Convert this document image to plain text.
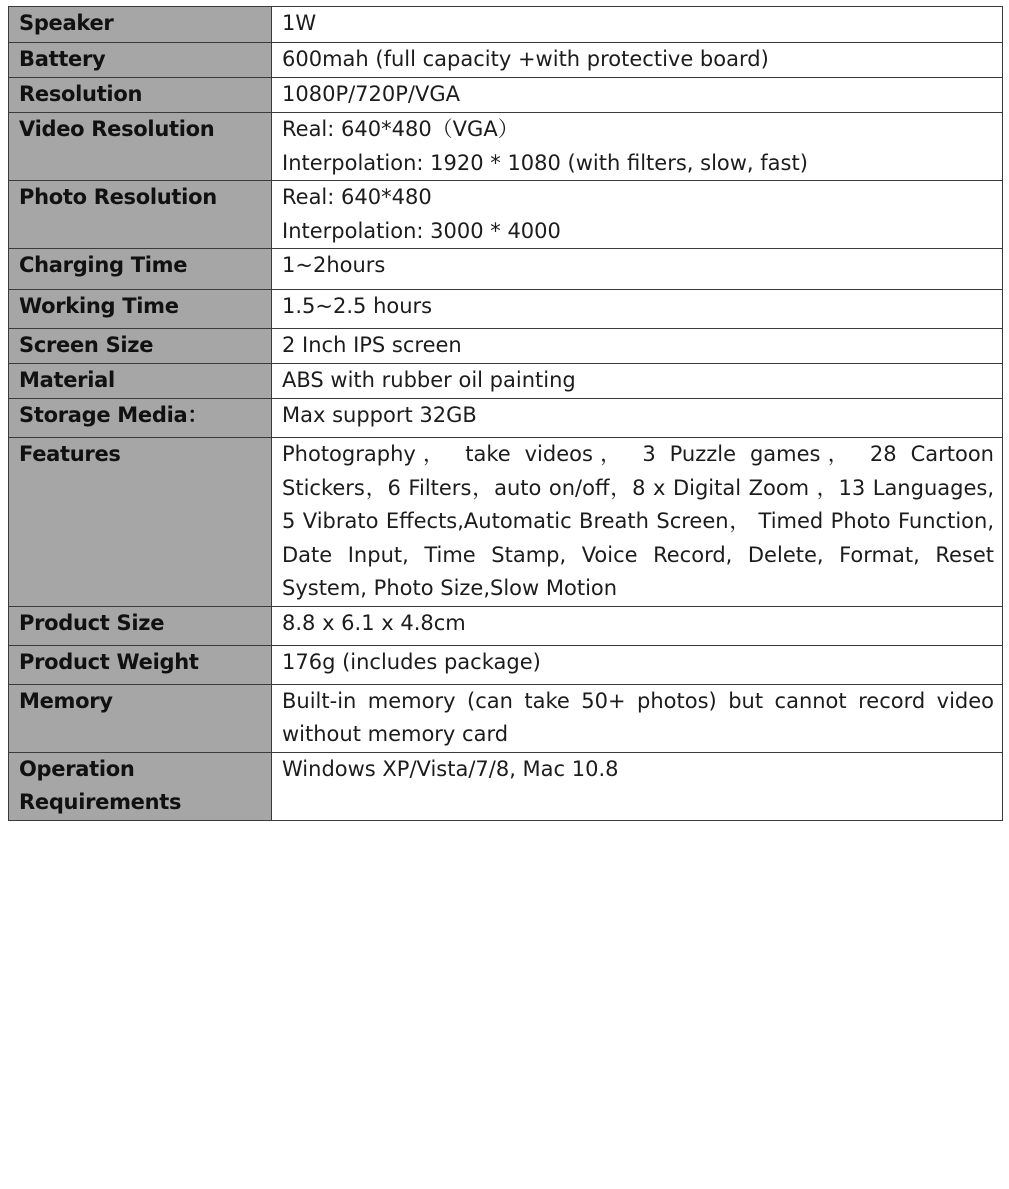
Speaker	1W

Battery	600mah (full capacity +with protective board)

Resolution	1080P/720P/VGA

Video Resolution	Real: 640*480（VGA）
Interpolation: 1920 * 1080 (with filters, slow, fast)

Photo Resolution	Real: 640*480
Interpolation: 3000 * 4000

Charging Time	1~2hours

Working Time	1.5~2.5 hours

Screen Size	2 Inch IPS screen

Material	ABS with rubber oil painting

Storage Media：	Max support 32GB

Features	Photography， take videos， 3 Puzzle games， 28 Cartoon Stickers，6 Filters，auto on/off，8 x Digital Zoom ，13 Languages, 5 Vibrato Effects,Automatic Breath Screen， Timed Photo Function, Date Input, Time Stamp, Voice Record, Delete, Format, Reset System, Photo Size,Slow Motion
Product Size	8.8 x 6.1 x 4.8cm

Product Weight	176g (includes package)

Memory	Built-in memory (can take 50+ photos) but cannot record video without memory card
Operation Requirements	Windows XP/Vista/7/8, Mac 10.8
